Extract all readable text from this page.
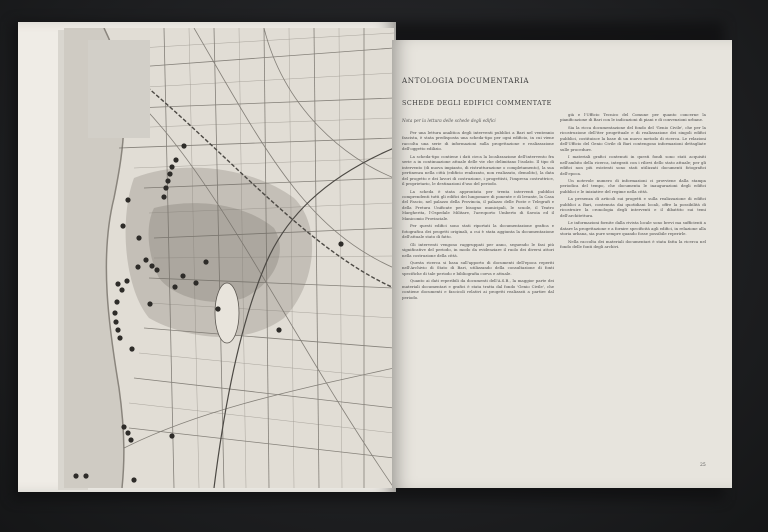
ANTOLOGIA DOCUMENTARIA
SCHEDE DEGLI EDIFICI COMMENTATE
Nota per la lettura delle schede degli edifici

Per una lettura analitica degli interventi pubblici a Bari nel ventennio fascista, è stata predisposta una scheda-tipo per ogni edificio, in cui viene raccolta una serie di informazioni sulla progettazione e realizzazione dell'oggetto edilizio.

La scheda-tipo contiene i dati circa la localizzazione dell'intervento fra serie a in continuazione attuale delle vie che delimitano l'isolato. Il tipo di intervento (di nuova impianto, di ristrutturazione o completamento), la sua pertinenza nella città (edificio realizzato, non realizzato, demolito), la data del progetto e dei lavori di costruzione, i progettisti, l'impresa costruttrice, il proprietario, le destinazioni d'uso del periodo.

La scheda è stata approntata per trenta interventi pubblici comprendenti tutti gli edifici dei lungomare di ponente e di levante, la Casa del Fascio, nel palazzo della Provincia, il palazzo delle Poste e Telegrafi e della Pretura Unificate per bisogno municipali, le scuole, il Teatro Margherita, l'Ospedale Militare, l'aeroporto Umberto di Savoia ed il Manicomio Provinciale.

Per questi edifici sono stati riportati la documentazione grafica e fotografica dei progetti originali, a cui è stata aggiunta la documentazione dell'attuale stato di fatto.

Gli interventi vengono raggruppati per anno, seguendo le fasi più significative del periodo, in modo da evidenziare il ruolo dei diversi attori nella costruzione della città.

Questa ricerca si basa sull'apporto di documenti dell'epoca reperiti nell'Archivio di Stato di Bari, utilizzando della consultazione di fonti specifiche di tale periodo e bibliografia coeva e attuale.

Quanto ai dati reperibili da documenti dell'A.S.B., la maggior parte dei materiali documentari e grafici è stata tratta dal fondo 'Genio Civile', che contiene documenti e fascicoli relativi ai progetti realizzati a partire dal periodo.

già e l'Ufficio Tecnico del Comune per quanto concerne la pianificazione di Bari con le indicazioni di piani e di convenzioni urbane.

Sia la ricca documentazione del fondo del 'Genio Civile', che per la ricostruzione dell'iter progettuale e di realizzazione dei singoli edifici pubblici, costituisce la base di un nuovo metodo di ricerca. Le relazioni dell'Ufficio del Genio Civile di Bari contengono informazioni dettagliate sulle procedure.

I materiali grafici contenuti in questi fondi sono stati acquisiti nell'ambito della ricerca, integrati con i rilievi dello stato attuale; per gli edifici non più esistenti sono stati utilizzati documenti fotografici dell'epoca.

Un notevole numero di informazioni ci provviene dalla stampa periodica del tempo, che documenta le inaugurazioni degli edifici pubblici e le iniziative del regime nella città.

La presenza di articoli sui progetti e sulla realizzazione di edifici pubblici a Bari, contenuta dai quotidiani locali, offre la possibilità di ricostruire la cronologia degli interventi e il dibattito sui temi dell'architettura.

Le informazioni fornite dalla rivista locale sono brevi ma sufficienti a datare la progettazione e a fornire specificità agli edifici, in relazione alla storia urbana, sia pure sempre quando fosse possibile reperirle.

Nella raccolta dei materiali documentari è stata fatta la ricerca nel fondo delle fonti degli archivi.

25
